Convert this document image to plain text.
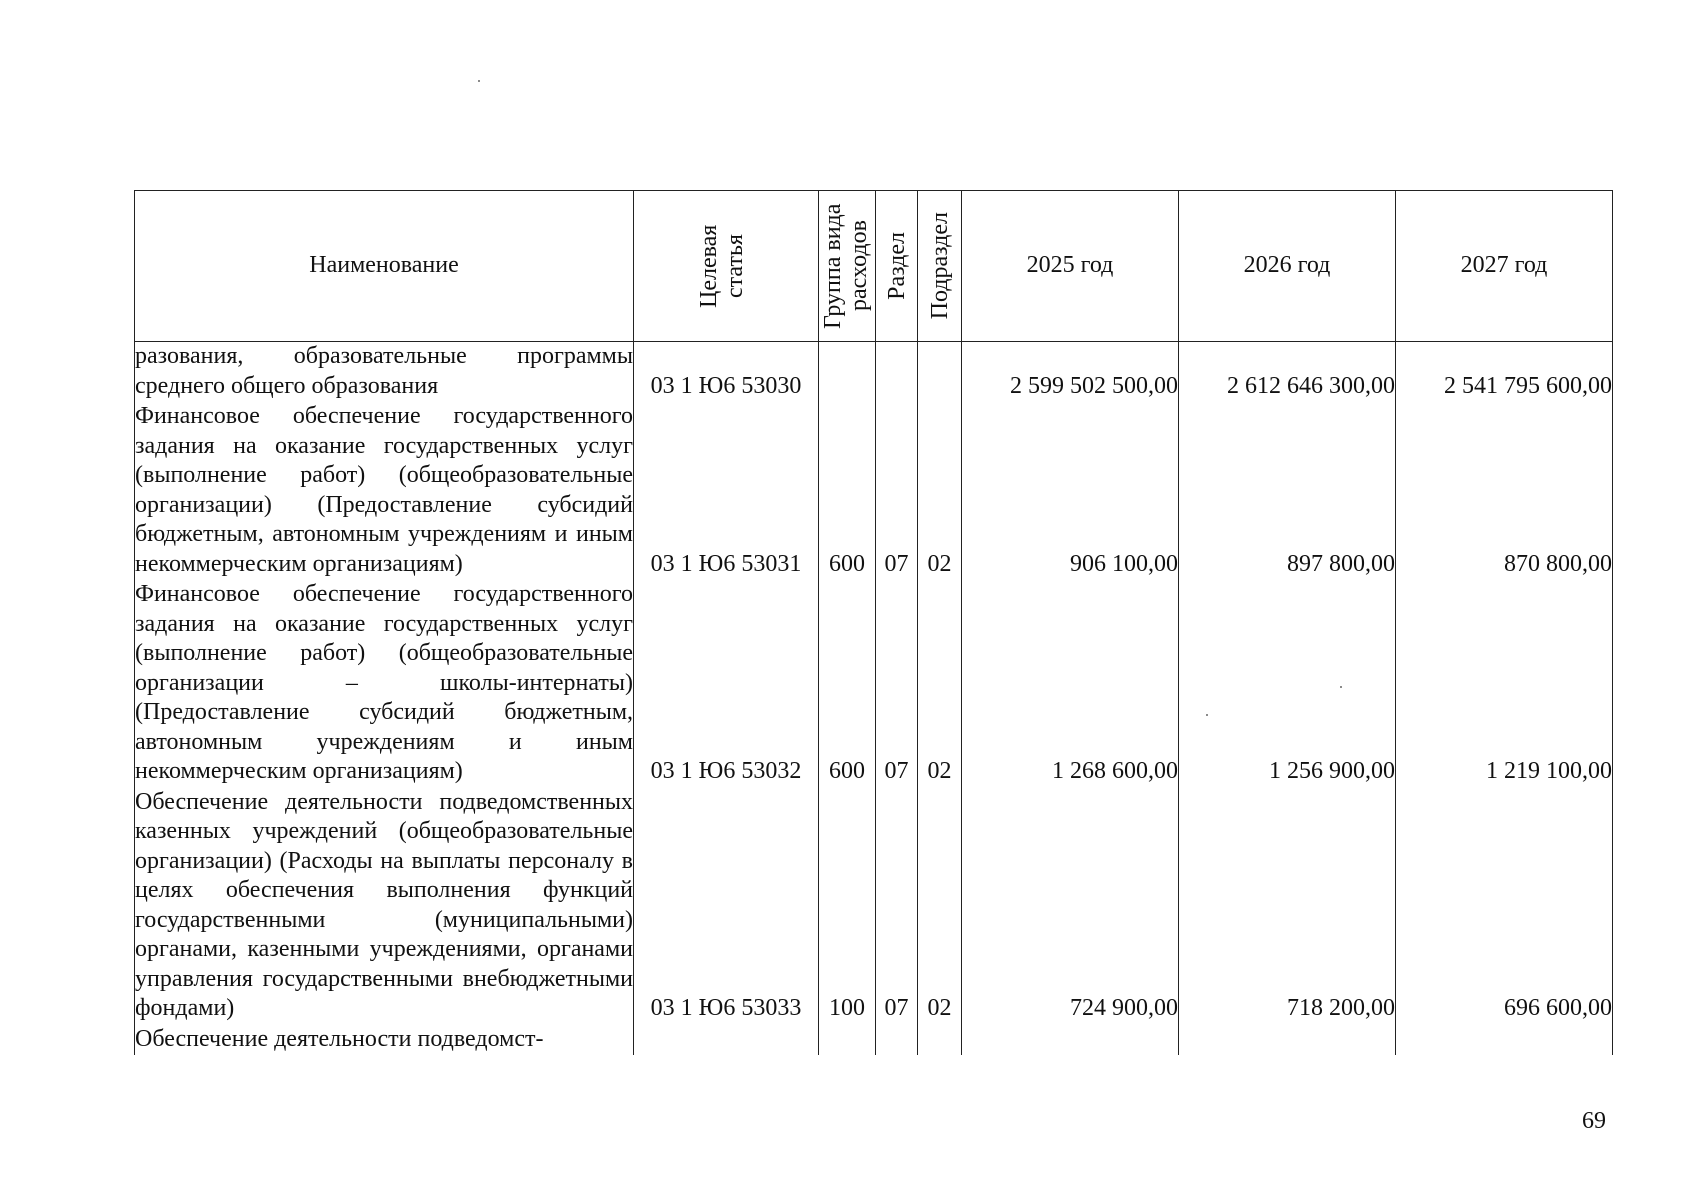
Наименование	Целевая статья	Группа вида расходов	Раздел	Подраздел	2025 год	2026 год	2027 год
разования, образовательные программы среднего общего образования	03 1 Ю6 53030				2 599 502 500,00	2 612 646 300,00	2 541 795 600,00
Финансовое обеспечение государственного задания на оказание государственных услуг (выполнение работ) (общеобразовательные организации) (Предоставление субсидий бюджетным, автономным учреждениям и иным некоммерческим организациям)	03 1 Ю6 53031	600	07	02	906 100,00	897 800,00	870 800,00
Финансовое обеспечение государственного задания на оказание государственных услуг (выполнение работ) (общеобразовательные организации – школы-интернаты) (Предоставление субсидий бюджетным, автономным учреждениям и иным некоммерческим организациям)	03 1 Ю6 53032	600	07	02	1 268 600,00	1 256 900,00	1 219 100,00
Обеспечение деятельности подведомственных казенных учреждений (общеобразовательные организации) (Расходы на выплаты персоналу в целях обеспечения выполнения функций государственными (муниципальными) органами, казенными учреждениями, органами управления государственными внебюджетными фондами)	03 1 Ю6 53033	100	07	02	724 900,00	718 200,00	696 600,00
Обеспечение деятельности подведомст-							
69
